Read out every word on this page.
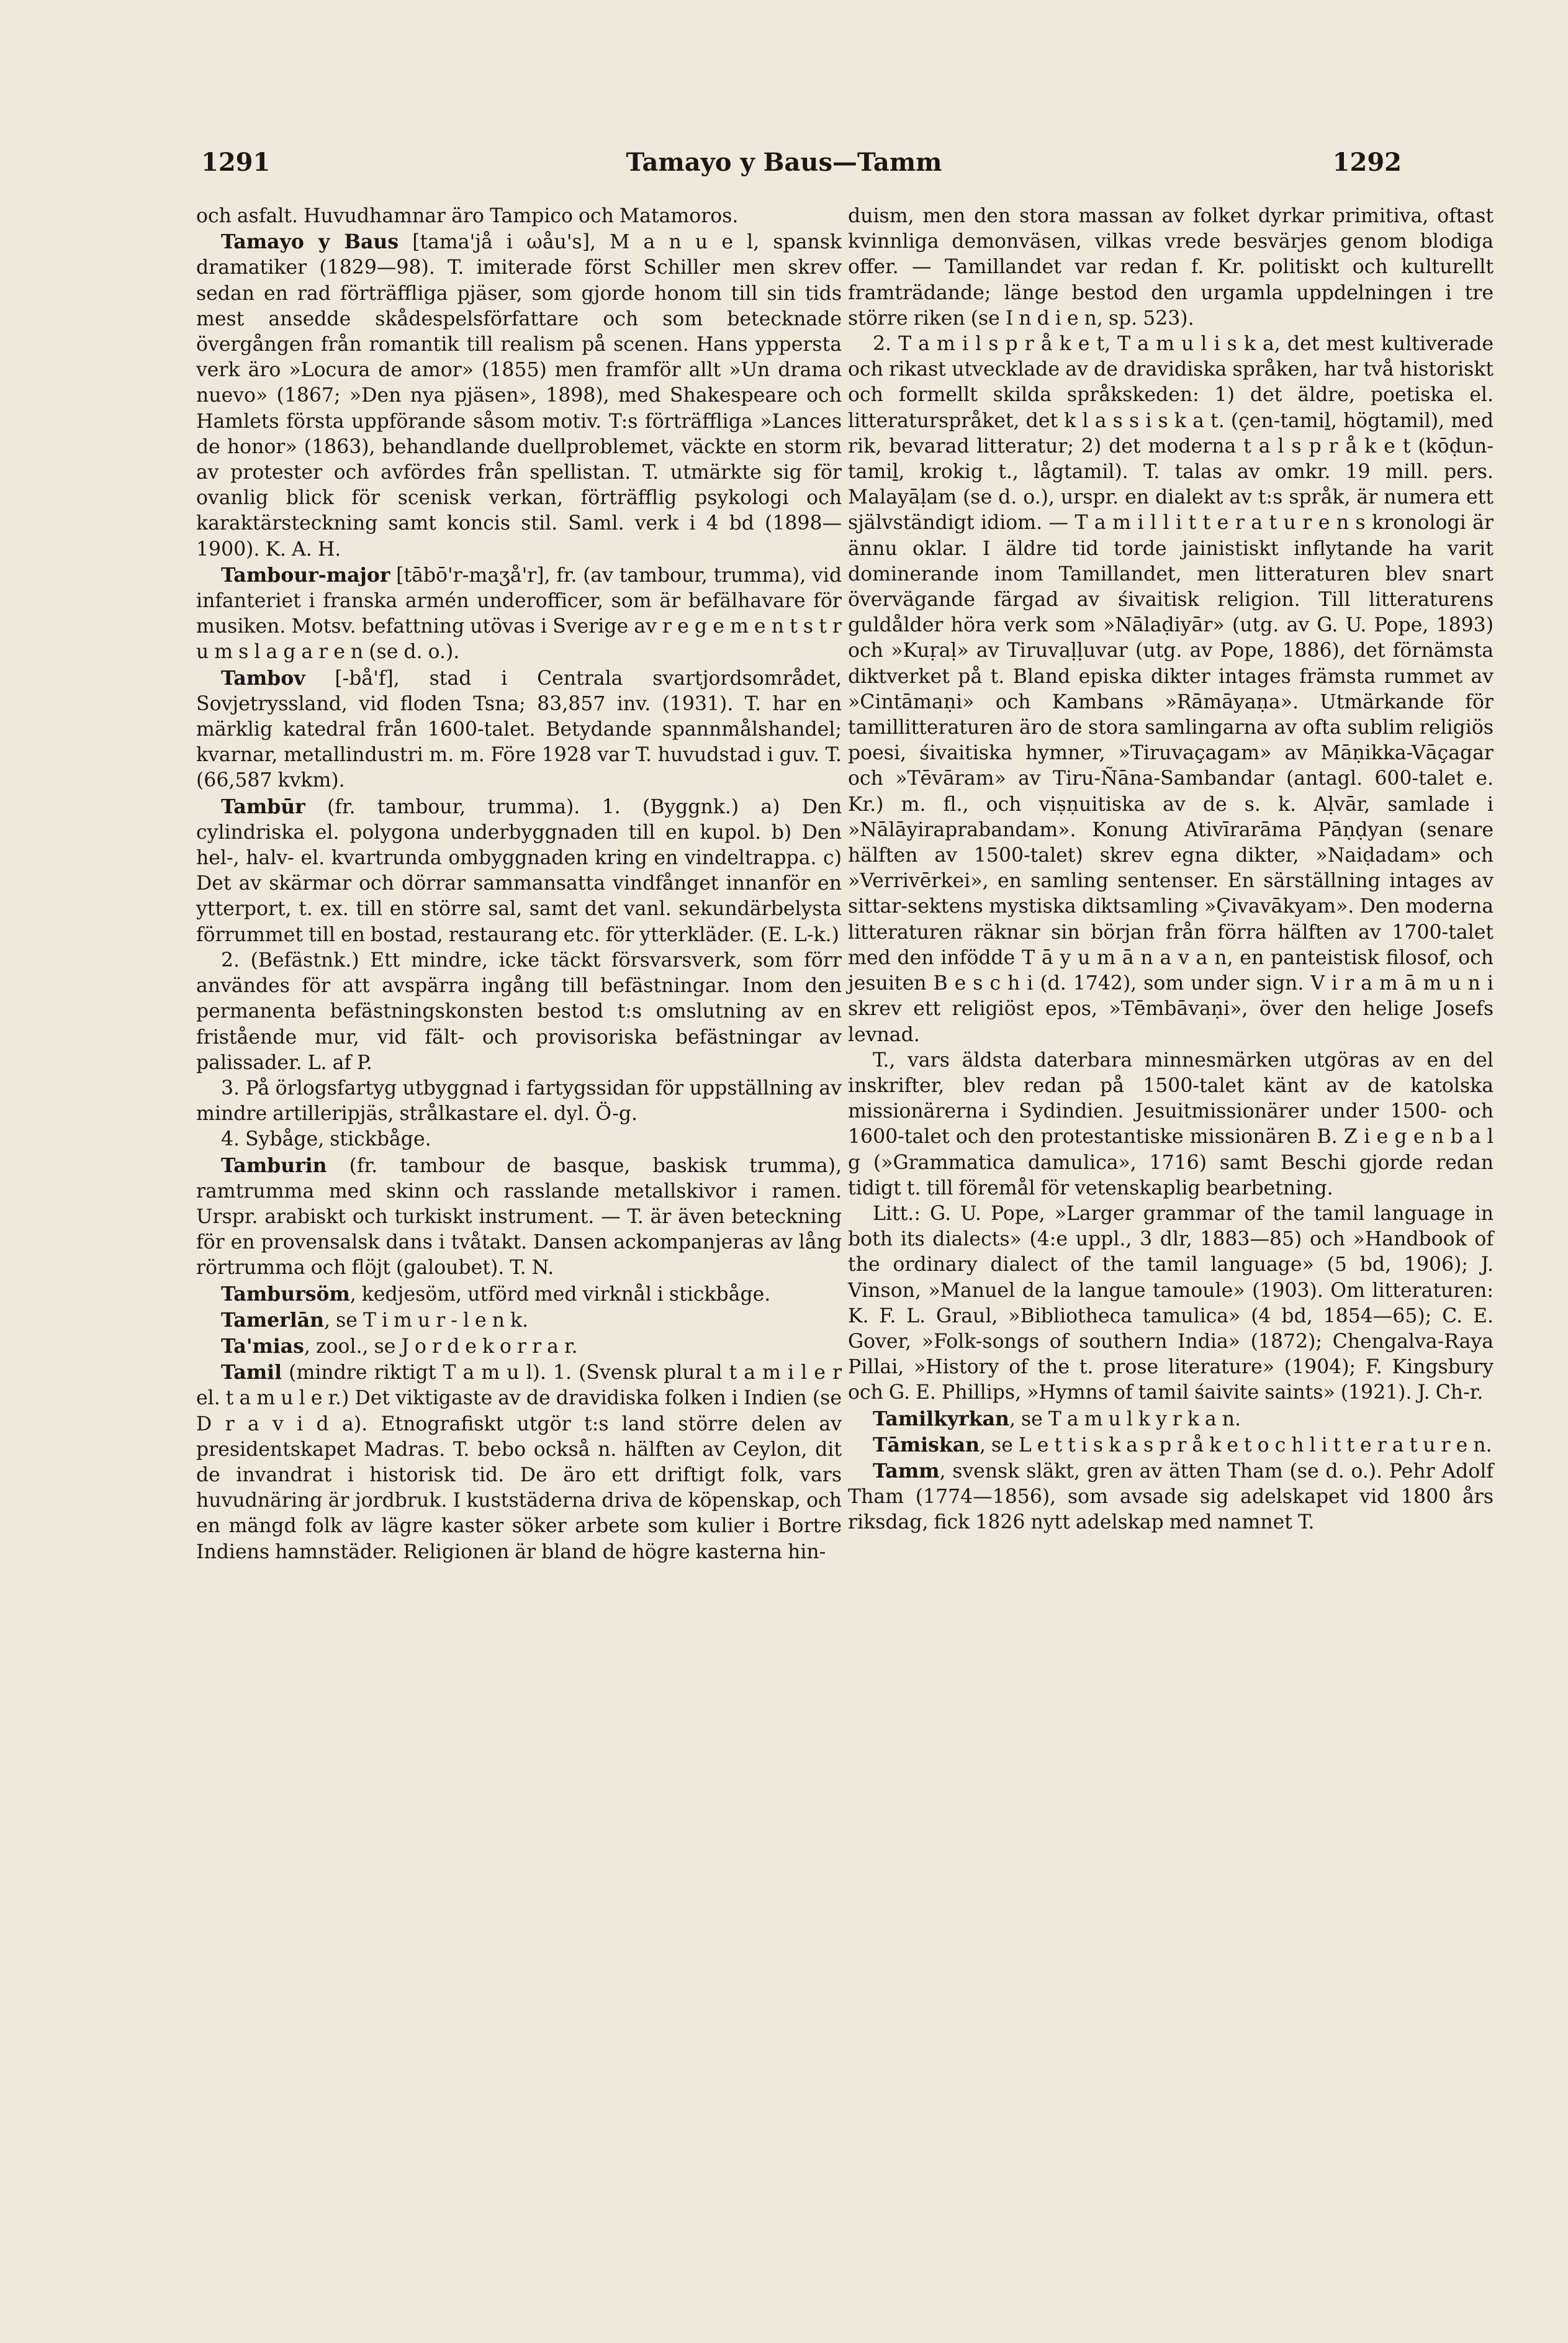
1291	Tamayo y Baus—Tamm	1292

och asfalt. Huvudhamnar äro Tampico och Matamoros.

Tamayo y Baus [tama'jå i ωåu's], M a n u e l, spansk dramatiker (1829—98). T. imiterade först Schiller men skrev sedan en rad förträffliga pjäser, som gjorde honom till sin tids mest ansedde skådespelsförfattare och som betecknade övergången från romantik till realism på scenen. Hans yppersta verk äro »Locura de amor» (1855) men framför allt »Un drama nuevo» (1867; »Den nya pjäsen», 1898), med Shakespeare och Hamlets första uppförande såsom motiv. T:s förträffliga »Lances de honor» (1863), behandlande duellproblemet, väckte en storm av protester och avfördes från spellistan. T. utmärkte sig för ovanlig blick för scenisk verkan, förträfflig psykologi och karaktärsteckning samt koncis stil. Saml. verk i 4 bd (1898—1900). K. A. H.

Tambour-major [tābō'r-maʒå'r], fr. (av tambour, trumma), vid infanteriet i franska armén underofficer, som är befälhavare för musiken. Motsv. befattning utövas i Sverige av r e g e m e n t s t r u m s l a g a r e n (se d. o.).

Tambov [-bå'f], stad i Centrala svartjordsområdet, Sovjetryssland, vid floden Tsna; 83,857 inv. (1931). T. har en märklig katedral från 1600-talet. Betydande spannmålshandel; kvarnar, metallindustri m. m. Före 1928 var T. huvudstad i guv. T. (66,587 kvkm).

Tambūr (fr. tambour, trumma). 1. (Byggnk.) a) Den cylindriska el. polygona underbyggnaden till en kupol. b) Den hel-, halv- el. kvartrunda ombyggnaden kring en vindeltrappa. c) Det av skärmar och dörrar sammansatta vindfånget innanför en ytterport, t. ex. till en större sal, samt det vanl. sekundärbelysta förrummet till en bostad, restaurang etc. för ytterkläder. (E. L-k.)

2. (Befästnk.) Ett mindre, icke täckt försvarsverk, som förr användes för att avspärra ingång till befästningar. Inom den permanenta befästningskonsten bestod t:s omslutning av en fristående mur, vid fält- och provisoriska befästningar av palissader. L. af P.

3. På örlogsfartyg utbyggnad i fartygssidan för uppställning av mindre artilleripjäs, strålkastare el. dyl. Ö-g.

4. Sybåge, stickbåge.

Tamburin (fr. tambour de basque, baskisk trumma), ramtrumma med skinn och rasslande metallskivor i ramen. Urspr. arabiskt och turkiskt instrument. — T. är även beteckning för en provensalsk dans i tvåtakt. Dansen ackompanjeras av lång rörtrumma och flöjt (galoubet). T. N.

Tambursöm, kedjesöm, utförd med virknål i stickbåge.

Tamerlān, se T i m u r - l e n k.

Ta'mias, zool., se J o r d e k o r r a r.

Tamil (mindre riktigt T a m u l). 1. (Svensk plural t a m i l e r el. t a m u l e r.) Det viktigaste av de dravidiska folken i Indien (se D r a v i d a). Etnografiskt utgör t:s land större delen av presidentskapet Madras. T. bebo också n. hälften av Ceylon, dit de invandrat i historisk tid. De äro ett driftigt folk, vars huvudnäring är jordbruk. I kuststäderna driva de köpenskap, och en mängd folk av lägre kaster söker arbete som kulier i Bortre Indiens hamnstäder. Religionen är bland de högre kasterna hin-

duism, men den stora massan av folket dyrkar primitiva, oftast kvinnliga demonväsen, vilkas vrede besvärjes genom blodiga offer. — Tamillandet var redan f. Kr. politiskt och kulturellt framträdande; länge bestod den urgamla uppdelningen i tre större riken (se I n d i e n, sp. 523).

2. T a m i l s p r å k e t, T a m u l i s k a, det mest kultiverade och rikast utvecklade av de dravidiska språken, har två historiskt och formellt skilda språkskeden: 1) det äldre, poetiska el. litteraturspråket, det k l a s s i s k a t. (çen-tamiḻ, högtamil), med rik, bevarad litteratur; 2) det moderna t a l s p r å k e t (kōḍun-tamiḻ, krokig t., lågtamil). T. talas av omkr. 19 mill. pers. Malayāḷam (se d. o.), urspr. en dialekt av t:s språk, är numera ett självständigt idiom. — T a m i l l i t t e r a t u r e n s kronologi är ännu oklar. I äldre tid torde jainistiskt inflytande ha varit dominerande inom Tamillandet, men litteraturen blev snart övervägande färgad av śivaitisk religion. Till litteraturens guldålder höra verk som »Nālaḍiyār» (utg. av G. U. Pope, 1893) och »Kuṛaḷ» av Tiruvaḷḷuvar (utg. av Pope, 1886), det förnämsta diktverket på t. Bland episka dikter intages främsta rummet av »Cintāmaṇi» och Kambans »Rāmāyaṇa». Utmärkande för tamillitteraturen äro de stora samlingarna av ofta sublim religiös poesi, śivaitiska hymner, »Tiruvaçagam» av Māṇikka-Vāçagar och »Tēvāram» av Tiru-Ñāna-Sambandar (antagl. 600-talet e. Kr.) m. fl., och viṣṇuitiska av de s. k. Aḷvār, samlade i »Nālāyiraprabandam». Konung Ativīrarāma Pāṇḍyan (senare hälften av 1500-talet) skrev egna dikter, »Naiḍadam» och »Verrivērkei», en samling sentenser. En särställning intages av sittar-sektens mystiska diktsamling »Çivavākyam». Den moderna litteraturen räknar sin början från förra hälften av 1700-talet med den infödde T ā y u m ā n a v a n, en panteistisk filosof, och jesuiten B e s c h i (d. 1742), som under sign. V i r a m ā m u n i skrev ett religiöst epos, »Tēmbāvaṇi», över den helige Josefs levnad.

T., vars äldsta daterbara minnesmärken utgöras av en del inskrifter, blev redan på 1500-talet känt av de katolska missionärerna i Sydindien. Jesuitmissionärer under 1500- och 1600-talet och den protestantiske missionären B. Z i e g e n b a l g (»Grammatica damulica», 1716) samt Beschi gjorde redan tidigt t. till föremål för vetenskaplig bearbetning.

Litt.: G. U. Pope, »Larger grammar of the tamil language in both its dialects» (4:e uppl., 3 dlr, 1883—85) och »Handbook of the ordinary dialect of the tamil language» (5 bd, 1906); J. Vinson, »Manuel de la langue tamoule» (1903). Om litteraturen: K. F. L. Graul, »Bibliotheca tamulica» (4 bd, 1854—65); C. E. Gover, »Folk-songs of southern India» (1872); Chengalva-Raya Pillai, »History of the t. prose literature» (1904); F. Kingsbury och G. E. Phillips, »Hymns of tamil śaivite saints» (1921). J. Ch-r.

Tamilkyrkan, se T a m u l k y r k a n.

Tāmiskan, se L e t t i s k a s p r å k e t o c h l i t t e r a t u r e n.

Tamm, svensk släkt, gren av ätten Tham (se d. o.). Pehr Adolf Tham (1774—1856), som avsade sig adelskapet vid 1800 års riksdag, fick 1826 nytt adelskap med namnet T.
